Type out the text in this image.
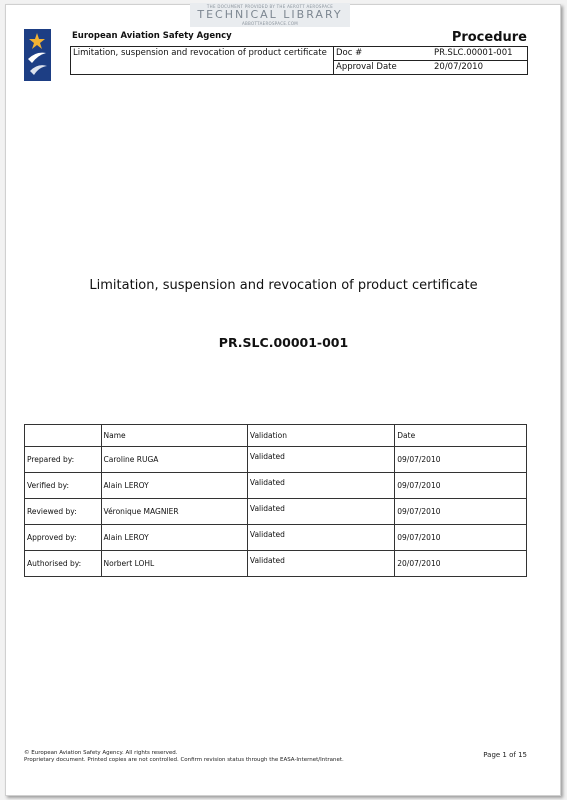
THE DOCUMENT PROVIDED BY THE AEROTT AEROSPACE
TECHNICAL LIBRARY
ABBOTTAEROSPACE.COM
European Aviation Safety Agency	Procedure
Limitation, suspension and revocation of product certificate	Doc #	PR.SLC.00001-001
	Approval Date	20/07/2010
Limitation, suspension and revocation of product certificate
PR.SLC.00001-001
	Name	Validation	Date
Prepared by:	Caroline RUGA	Validated	09/07/2010
Verified by:	Alain LEROY	Validated	09/07/2010
Reviewed by:	Véronique MAGNIER	Validated	09/07/2010
Approved by:	Alain LEROY	Validated	09/07/2010
Authorised by:	Norbert LOHL	Validated	20/07/2010
© European Aviation Safety Agency. All rights reserved.
Proprietary document. Printed copies are not controlled. Confirm revision status through the EASA-Internet/Intranet.
Page 1 of 15
